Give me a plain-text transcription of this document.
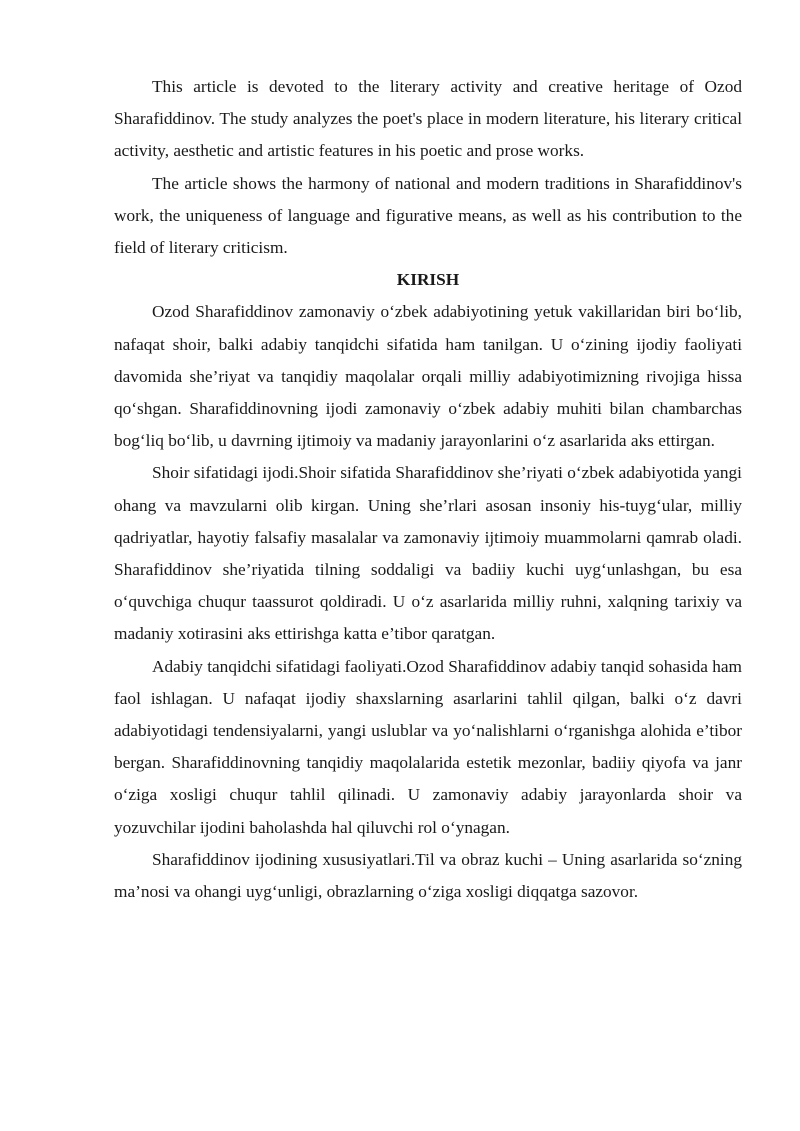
This article is devoted to the literary activity and creative heritage of Ozod Sharafiddinov. The study analyzes the poet's place in modern literature, his literary critical activity, aesthetic and artistic features in his poetic and prose works.

The article shows the harmony of national and modern traditions in Sharafiddinov's work, the uniqueness of language and figurative means, as well as his contribution to the field of literary criticism.

KIRISH

Ozod Sharafiddinov zamonaviy o‘zbek adabiyotining yetuk vakillaridan biri bo‘lib, nafaqat shoir, balki adabiy tanqidchi sifatida ham tanilgan. U o‘zining ijodiy faoliyati davomida she’riyat va tanqidiy maqolalar orqali milliy adabiyotimizning rivojiga hissa qo‘shgan. Sharafiddinovning ijodi zamonaviy o‘zbek adabiy muhiti bilan chambarchas bog‘liq bo‘lib, u davrning ijtimoiy va madaniy jarayonlarini o‘z asarlarida aks ettirgan.

Shoir sifatidagi ijodi.Shoir sifatida Sharafiddinov she’riyati o‘zbek adabiyotida yangi ohang va mavzularni olib kirgan. Uning she’rlari asosan insoniy his-tuyg‘ular, milliy qadriyatlar, hayotiy falsafiy masalalar va zamonaviy ijtimoiy muammolarni qamrab oladi. Sharafiddinov she’riyatida tilning soddaligi va badiiy kuchi uyg‘unlashgan, bu esa o‘quvchiga chuqur taassurot qoldiradi. U o‘z asarlarida milliy ruhni, xalqning tarixiy va madaniy xotirasini aks ettirishga katta e’tibor qaratgan.

Adabiy tanqidchi sifatidagi faoliyati.Ozod Sharafiddinov adabiy tanqid sohasida ham faol ishlagan. U nafaqat ijodiy shaxslarning asarlarini tahlil qilgan, balki o‘z davri adabiyotidagi tendensiyalarni, yangi uslublar va yo‘nalishlarni o‘rganishga alohida e’tibor bergan. Sharafiddinovning tanqidiy maqolalarida estetik mezonlar, badiiy qiyofa va janr o‘ziga xosligi chuqur tahlil qilinadi. U zamonaviy adabiy jarayonlarda shoir va yozuvchilar ijodini baholashda hal qiluvchi rol o‘ynagan.

Sharafiddinov ijodining xususiyatlari.Til va obraz kuchi – Uning asarlarida so‘zning ma’nosi va ohangi uyg‘unligi, obrazlarning o‘ziga xosligi diqqatga sazovor.
